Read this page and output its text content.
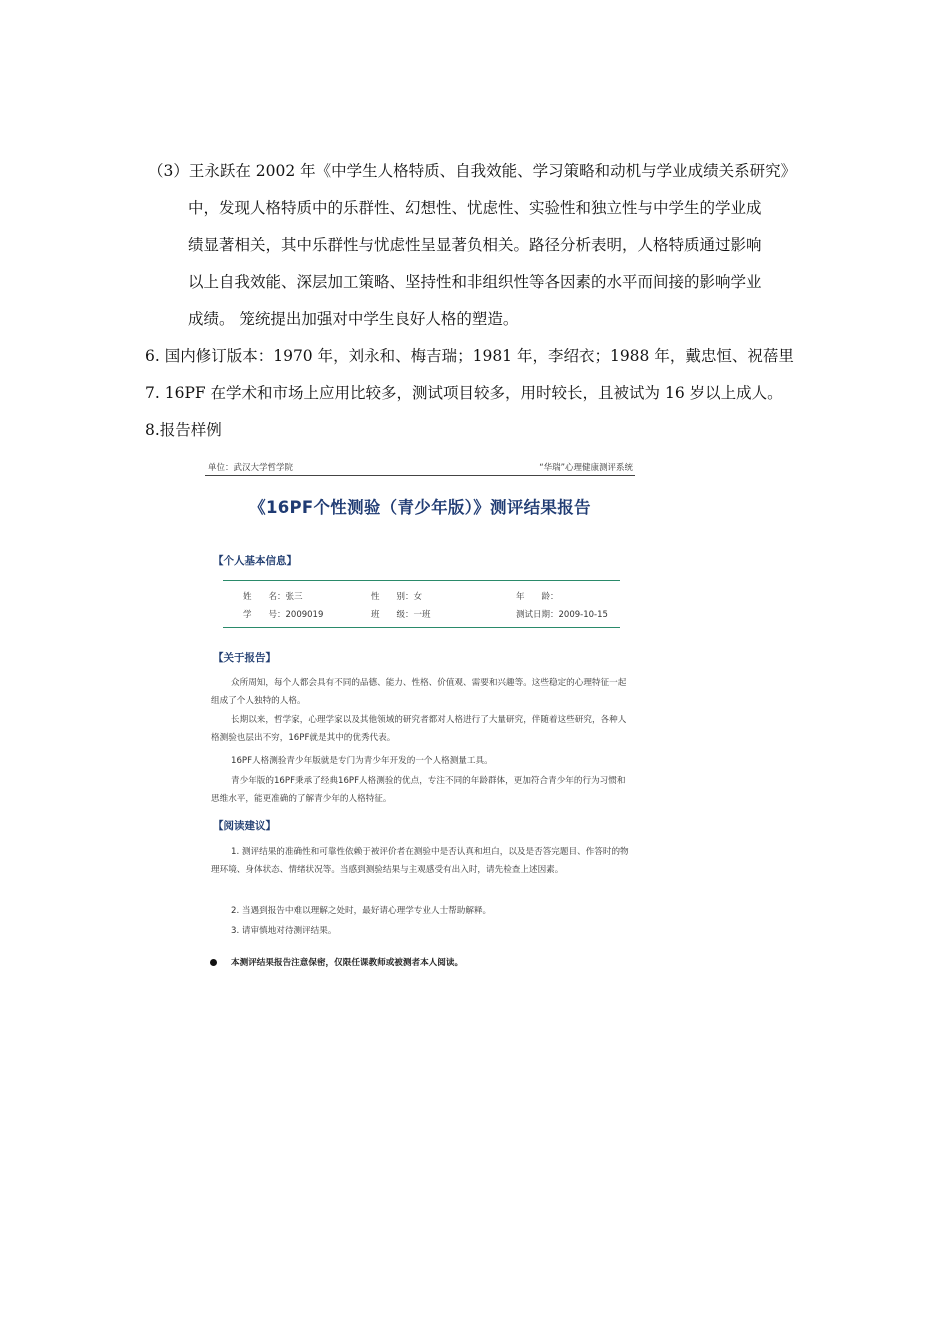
（3）王永跃在 2002 年《中学生人格特质、自我效能、学习策略和动机与学业成绩关系研究》
中，发现人格特质中的乐群性、幻想性、忧虑性、实验性和独立性与中学生的学业成
绩显著相关，其中乐群性与忧虑性呈显著负相关。路径分析表明，人格特质通过影响
以上自我效能、深层加工策略、坚持性和非组织性等各因素的水平而间接的影响学业
成绩。 笼统提出加强对中学生良好人格的塑造。
6. 国内修订版本：1970 年，刘永和、梅吉瑞；1981 年，李绍衣；1988 年，戴忠恒、祝蓓里
7. 16PF 在学术和市场上应用比较多，测试项目较多，用时较长，且被试为 16 岁以上成人。
8.报告样例
单位：武汉大学哲学院	“华瑞”心理健康测评系统
《16PF个性测验（青少年版）》测评结果报告
【个人基本信息】
姓　　名：张三	性　　别：女	年　　龄：
学　　号：2009019	班　　级：一班	测试日期：2009-10-15
【关于报告】
众所周知，每个人都会具有不同的品德、能力、性格、价值观、需要和兴趣等。这些稳定的心理特征一起组成了个人独特的人格。
长期以来，哲学家，心理学家以及其他领域的研究者都对人格进行了大量研究，伴随着这些研究，各种人格测验也层出不穷，16PF就是其中的优秀代表。
16PF人格测验青少年版就是专门为青少年开发的一个人格测量工具。
青少年版的16PF秉承了经典16PF人格测验的优点，专注不同的年龄群体，更加符合青少年的行为习惯和思维水平，能更准确的了解青少年的人格特征。
【阅读建议】
1. 测评结果的准确性和可靠性依赖于被评价者在测验中是否认真和坦白，以及是否答完题目、作答时的物理环境、身体状态、情绪状况等。当感到测验结果与主观感受有出入时，请先检查上述因素。
2. 当遇到报告中难以理解之处时，最好请心理学专业人士帮助解释。
3. 请审慎地对待测评结果。
本测评结果报告注意保密，仅限任课教师或被测者本人阅读。
